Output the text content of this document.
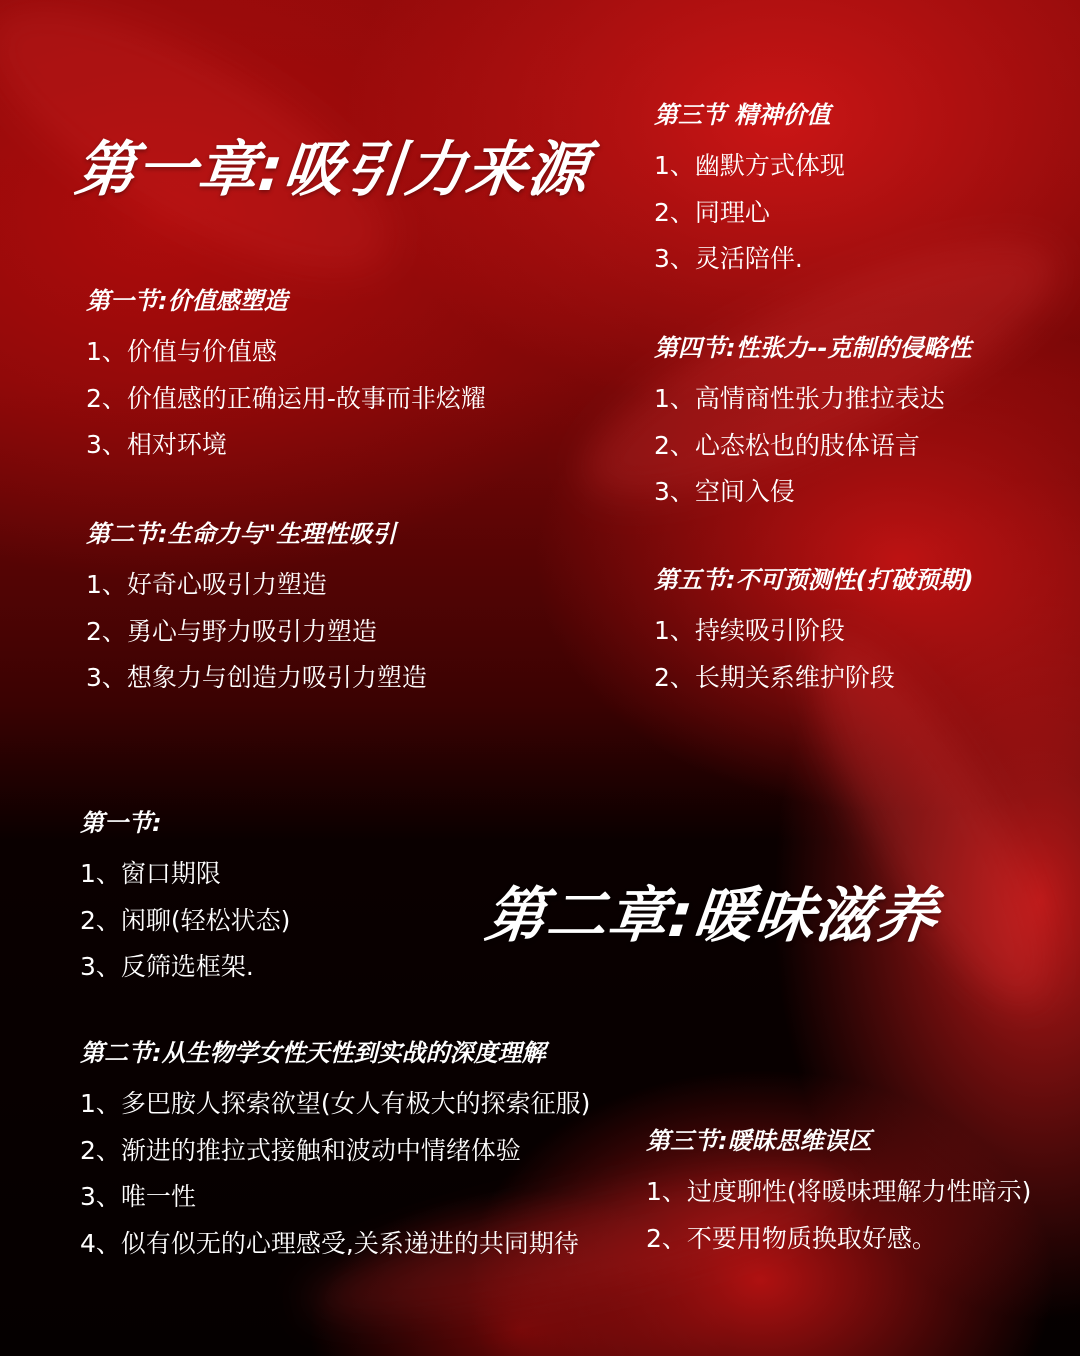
第一章:吸引力来源
第一节:价值感塑造
1、价值与价值感
2、价值感的正确运用-故事而非炫耀
3、相对环境
第二节:生命力与"生理性吸引
1、好奇心吸引力塑造
2、勇心与野力吸引力塑造
3、想象力与创造力吸引力塑造
第三节 精神价值
1、幽默方式体现
2、同理心
3、灵活陪伴.
第四节:性张力--克制的侵略性
1、高情商性张力推拉表达
2、心态松也的肢体语言
3、空间入侵
第五节:不可预测性(打破预期)
1、持续吸引阶段
2、长期关系维护阶段
第二章:暖味滋养
第一节:
1、窗口期限
2、闲聊(轻松状态)
3、反筛选框架.
第二节:从生物学女性天性到实战的深度理解
1、多巴胺人探索欲望(女人有极大的探索征服)
2、渐进的推拉式接触和波动中情绪体验
3、唯一性
4、似有似无的心理感受,关系递进的共同期待
第三节:暖昧思维误区
1、过度聊性(将暖味理解力性暗示)
2、不要用物质换取好感。
